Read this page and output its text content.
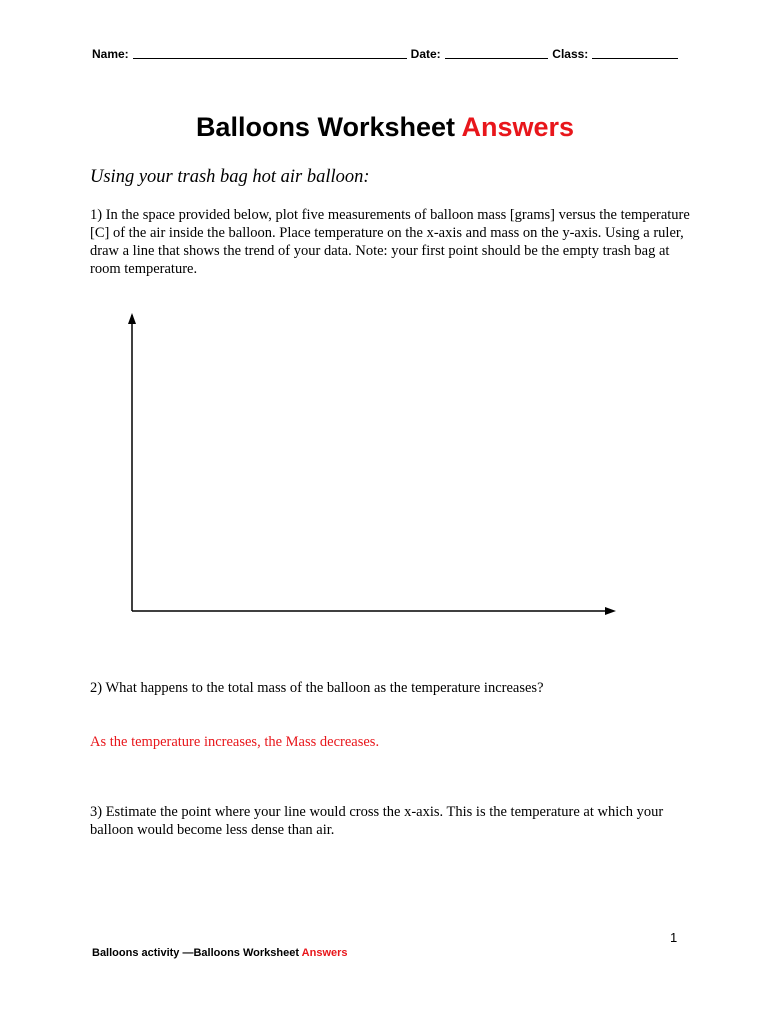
Name:	Date:	Class:
Balloons Worksheet Answers
Using your trash bag hot air balloon:

1) In the space provided below, plot five measurements of balloon mass [grams] versus the temperature [C] of the air inside the balloon. Place temperature on the x-axis and mass on the y-axis. Using a ruler, draw a line that shows the trend of your data. Note: your first point should be the empty trash bag at room temperature.

2) What happens to the total mass of the balloon as the temperature increases?

As the temperature increases, the Mass decreases.

3) Estimate the point where your line would cross the x-axis. This is the temperature at which your balloon would become less dense than air.

1
Balloons activity —Balloons Worksheet Answers
